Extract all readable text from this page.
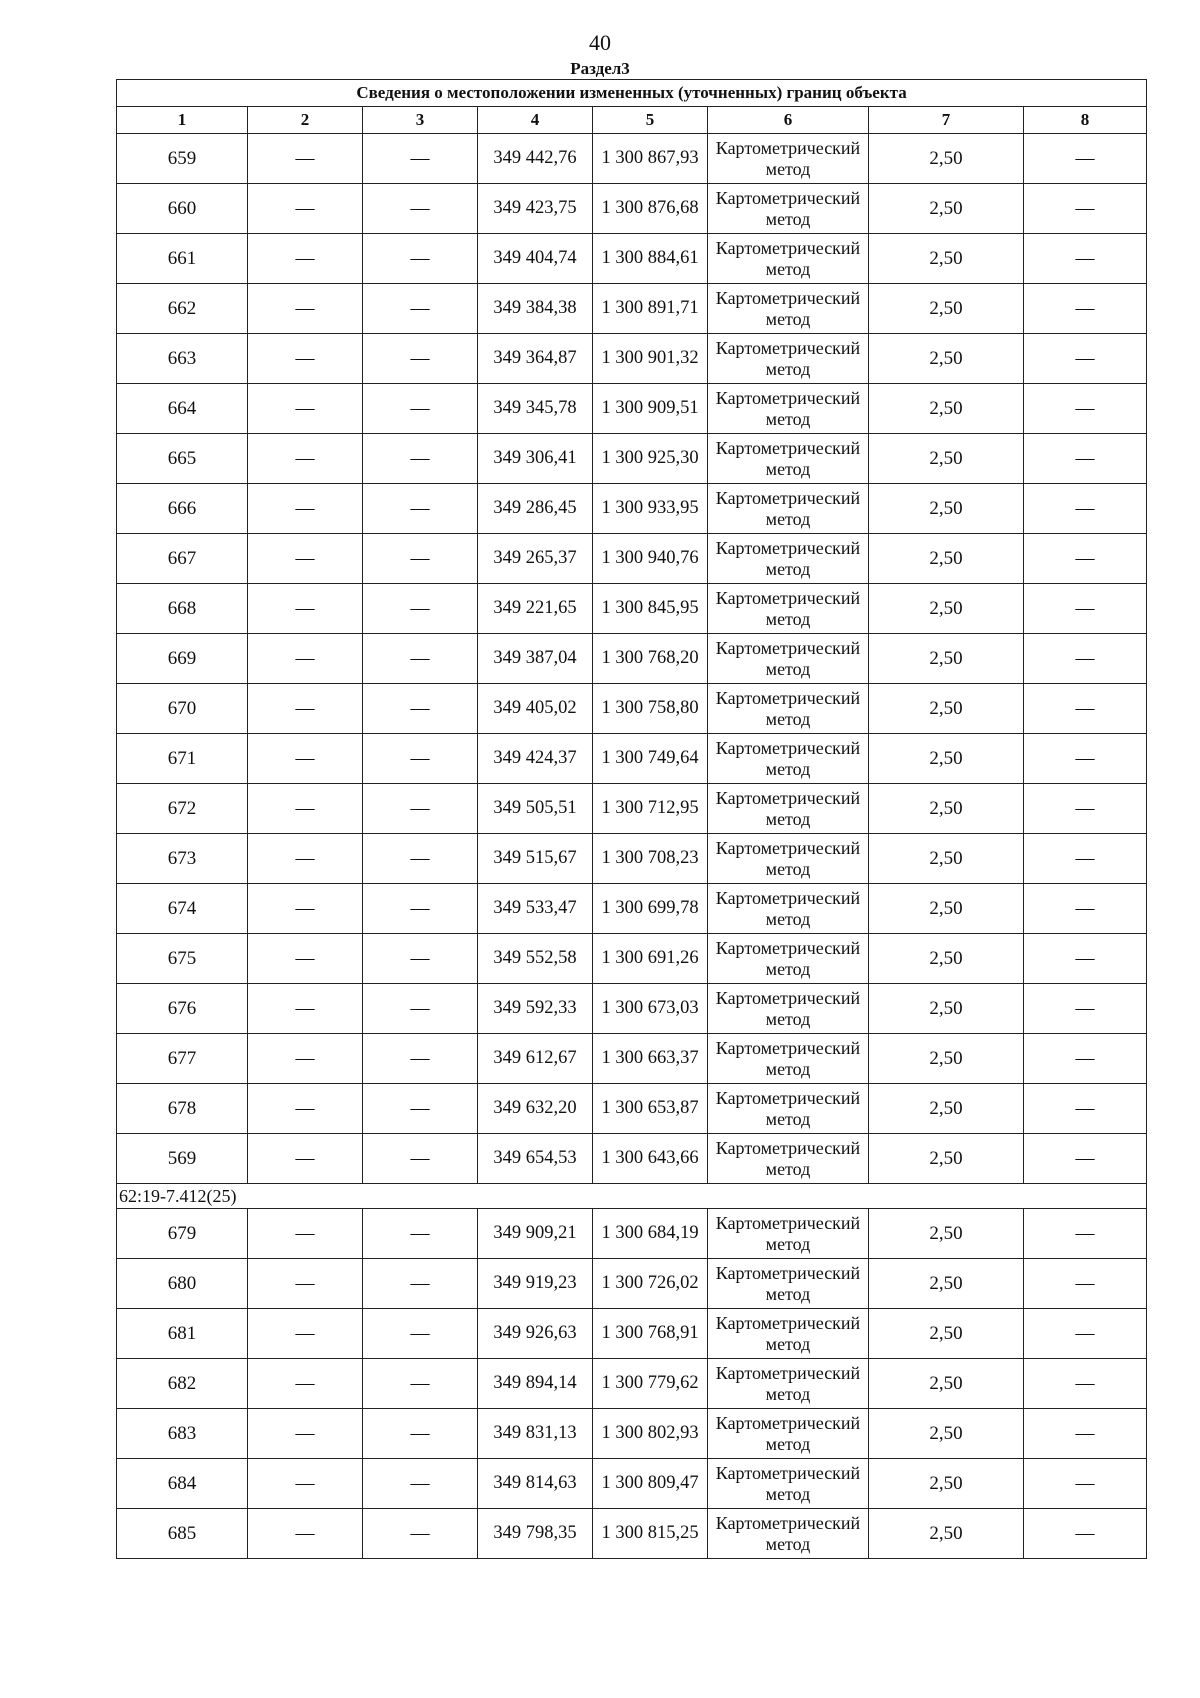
40
Раздел3
Сведения о местоположении измененных (уточненных) границ объекта							
1	2	3	4	5	6	7	8
659	—	—	349 442,76	1 300 867,93	Картометрический метод	2,50	—
660	—	—	349 423,75	1 300 876,68	Картометрический метод	2,50	—
661	—	—	349 404,74	1 300 884,61	Картометрический метод	2,50	—
662	—	—	349 384,38	1 300 891,71	Картометрический метод	2,50	—
663	—	—	349 364,87	1 300 901,32	Картометрический метод	2,50	—
664	—	—	349 345,78	1 300 909,51	Картометрический метод	2,50	—
665	—	—	349 306,41	1 300 925,30	Картометрический метод	2,50	—
666	—	—	349 286,45	1 300 933,95	Картометрический метод	2,50	—
667	—	—	349 265,37	1 300 940,76	Картометрический метод	2,50	—
668	—	—	349 221,65	1 300 845,95	Картометрический метод	2,50	—
669	—	—	349 387,04	1 300 768,20	Картометрический метод	2,50	—
670	—	—	349 405,02	1 300 758,80	Картометрический метод	2,50	—
671	—	—	349 424,37	1 300 749,64	Картометрический метод	2,50	—
672	—	—	349 505,51	1 300 712,95	Картометрический метод	2,50	—
673	—	—	349 515,67	1 300 708,23	Картометрический метод	2,50	—
674	—	—	349 533,47	1 300 699,78	Картометрический метод	2,50	—
675	—	—	349 552,58	1 300 691,26	Картометрический метод	2,50	—
676	—	—	349 592,33	1 300 673,03	Картометрический метод	2,50	—
677	—	—	349 612,67	1 300 663,37	Картометрический метод	2,50	—
678	—	—	349 632,20	1 300 653,87	Картометрический метод	2,50	—
569	—	—	349 654,53	1 300 643,66	Картометрический метод	2,50	—
62:19-7.412(25)							
679	—	—	349 909,21	1 300 684,19	Картометрический метод	2,50	—
680	—	—	349 919,23	1 300 726,02	Картометрический метод	2,50	—
681	—	—	349 926,63	1 300 768,91	Картометрический метод	2,50	—
682	—	—	349 894,14	1 300 779,62	Картометрический метод	2,50	—
683	—	—	349 831,13	1 300 802,93	Картометрический метод	2,50	—
684	—	—	349 814,63	1 300 809,47	Картометрический метод	2,50	—
685	—	—	349 798,35	1 300 815,25	Картометрический метод	2,50	—
